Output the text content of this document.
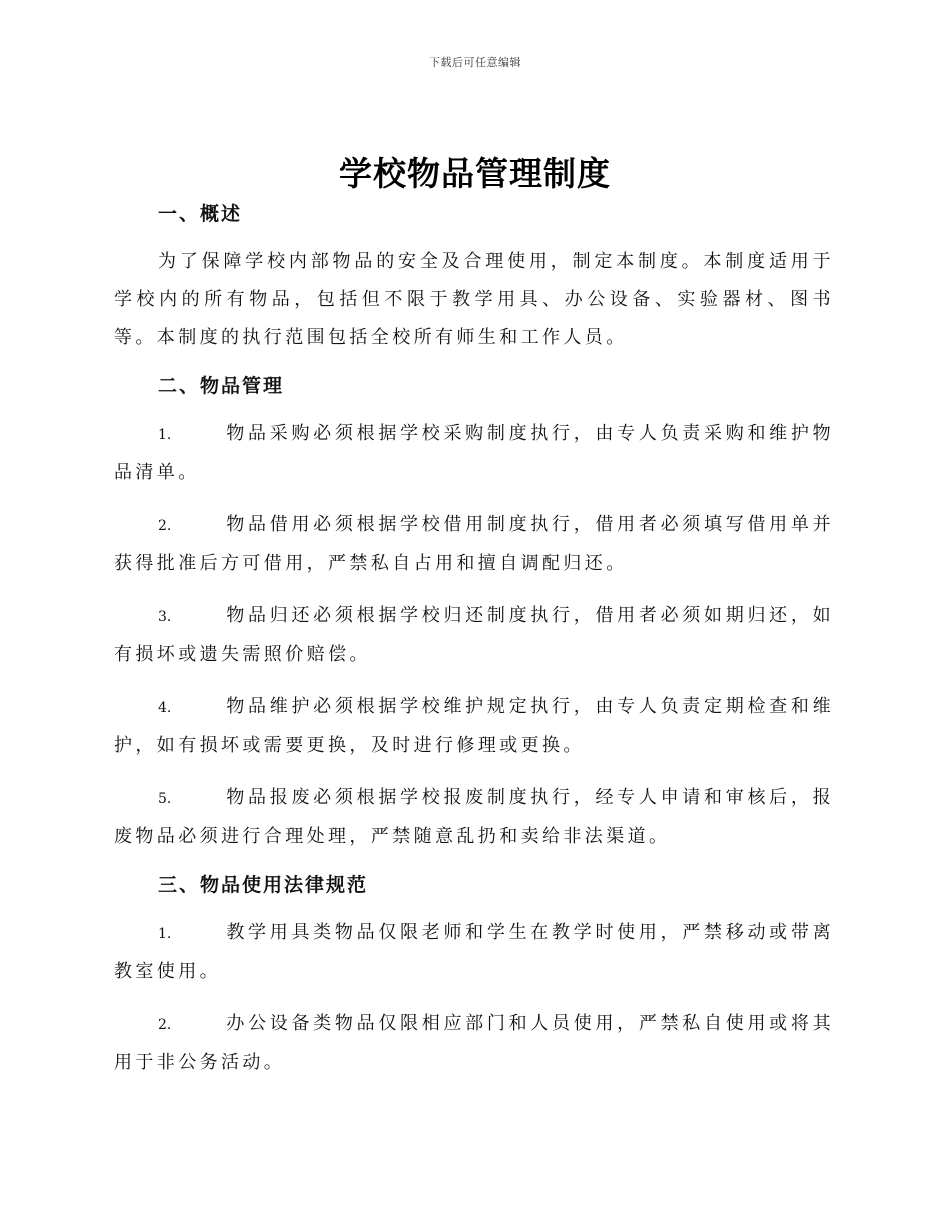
下载后可任意编辑
学校物品管理制度

一、概述

为了保障学校内部物品的安全及合理使用，制定本制度。本制度适用于学校内的所有物品，包括但不限于教学用具、办公设备、实验器材、图书等。本制度的执行范围包括全校所有师生和工作人员。

二、物品管理

1.	物品采购必须根据学校采购制度执行，由专人负责采购和维护物品清单。

2.	物品借用必须根据学校借用制度执行，借用者必须填写借用单并获得批准后方可借用，严禁私自占用和擅自调配归还。

3.	物品归还必须根据学校归还制度执行，借用者必须如期归还，如有损坏或遗失需照价赔偿。

4.	物品维护必须根据学校维护规定执行，由专人负责定期检查和维护，如有损坏或需要更换，及时进行修理或更换。

5.	物品报废必须根据学校报废制度执行，经专人申请和审核后，报废物品必须进行合理处理，严禁随意乱扔和卖给非法渠道。

三、物品使用法律规范

1.	教学用具类物品仅限老师和学生在教学时使用，严禁移动或带离教室使用。

2.	办公设备类物品仅限相应部门和人员使用，严禁私自使用或将其用于非公务活动。
